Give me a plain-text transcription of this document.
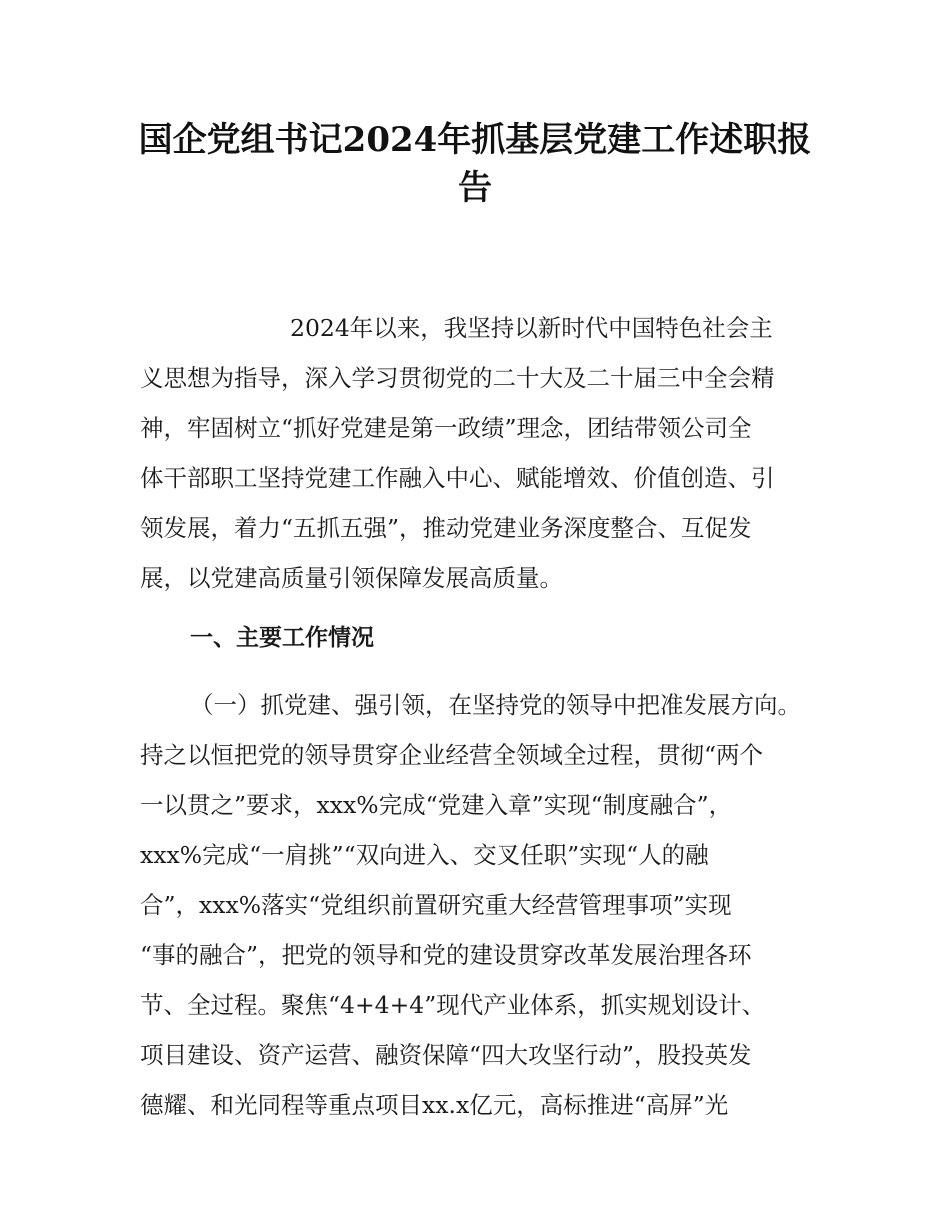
国企党组书记2024年抓基层党建工作述职报
告
2024年以来，我坚持以新时代中国特色社会主
义思想为指导，深入学习贯彻党的二十大及二十届三中全会精
神，牢固树立“抓好党建是第一政绩”理念，团结带领公司全
体干部职工坚持党建工作融入中心、赋能增效、价值创造、引
领发展，着力“五抓五强”，推动党建业务深度整合、互促发
展，以党建高质量引领保障发展高质量。
一、主要工作情况
（一）抓党建、强引领，在坚持党的领导中把准发展方向。
持之以恒把党的领导贯穿企业经营全领域全过程，贯彻“两个
一以贯之”要求，xxx%完成“党建入章”实现“制度融合”，
xxx%完成“一肩挑”“双向进入、交叉任职”实现“人的融
合”，xxx%落实“党组织前置研究重大经营管理事项”实现
“事的融合”，把党的领导和党的建设贯穿改革发展治理各环
节、全过程。聚焦“4+4+4”现代产业体系，抓实规划设计、
项目建设、资产运营、融资保障“四大攻坚行动”，股投英发
德耀、和光同程等重点项目xx.x亿元，高标推进“高屏”光
